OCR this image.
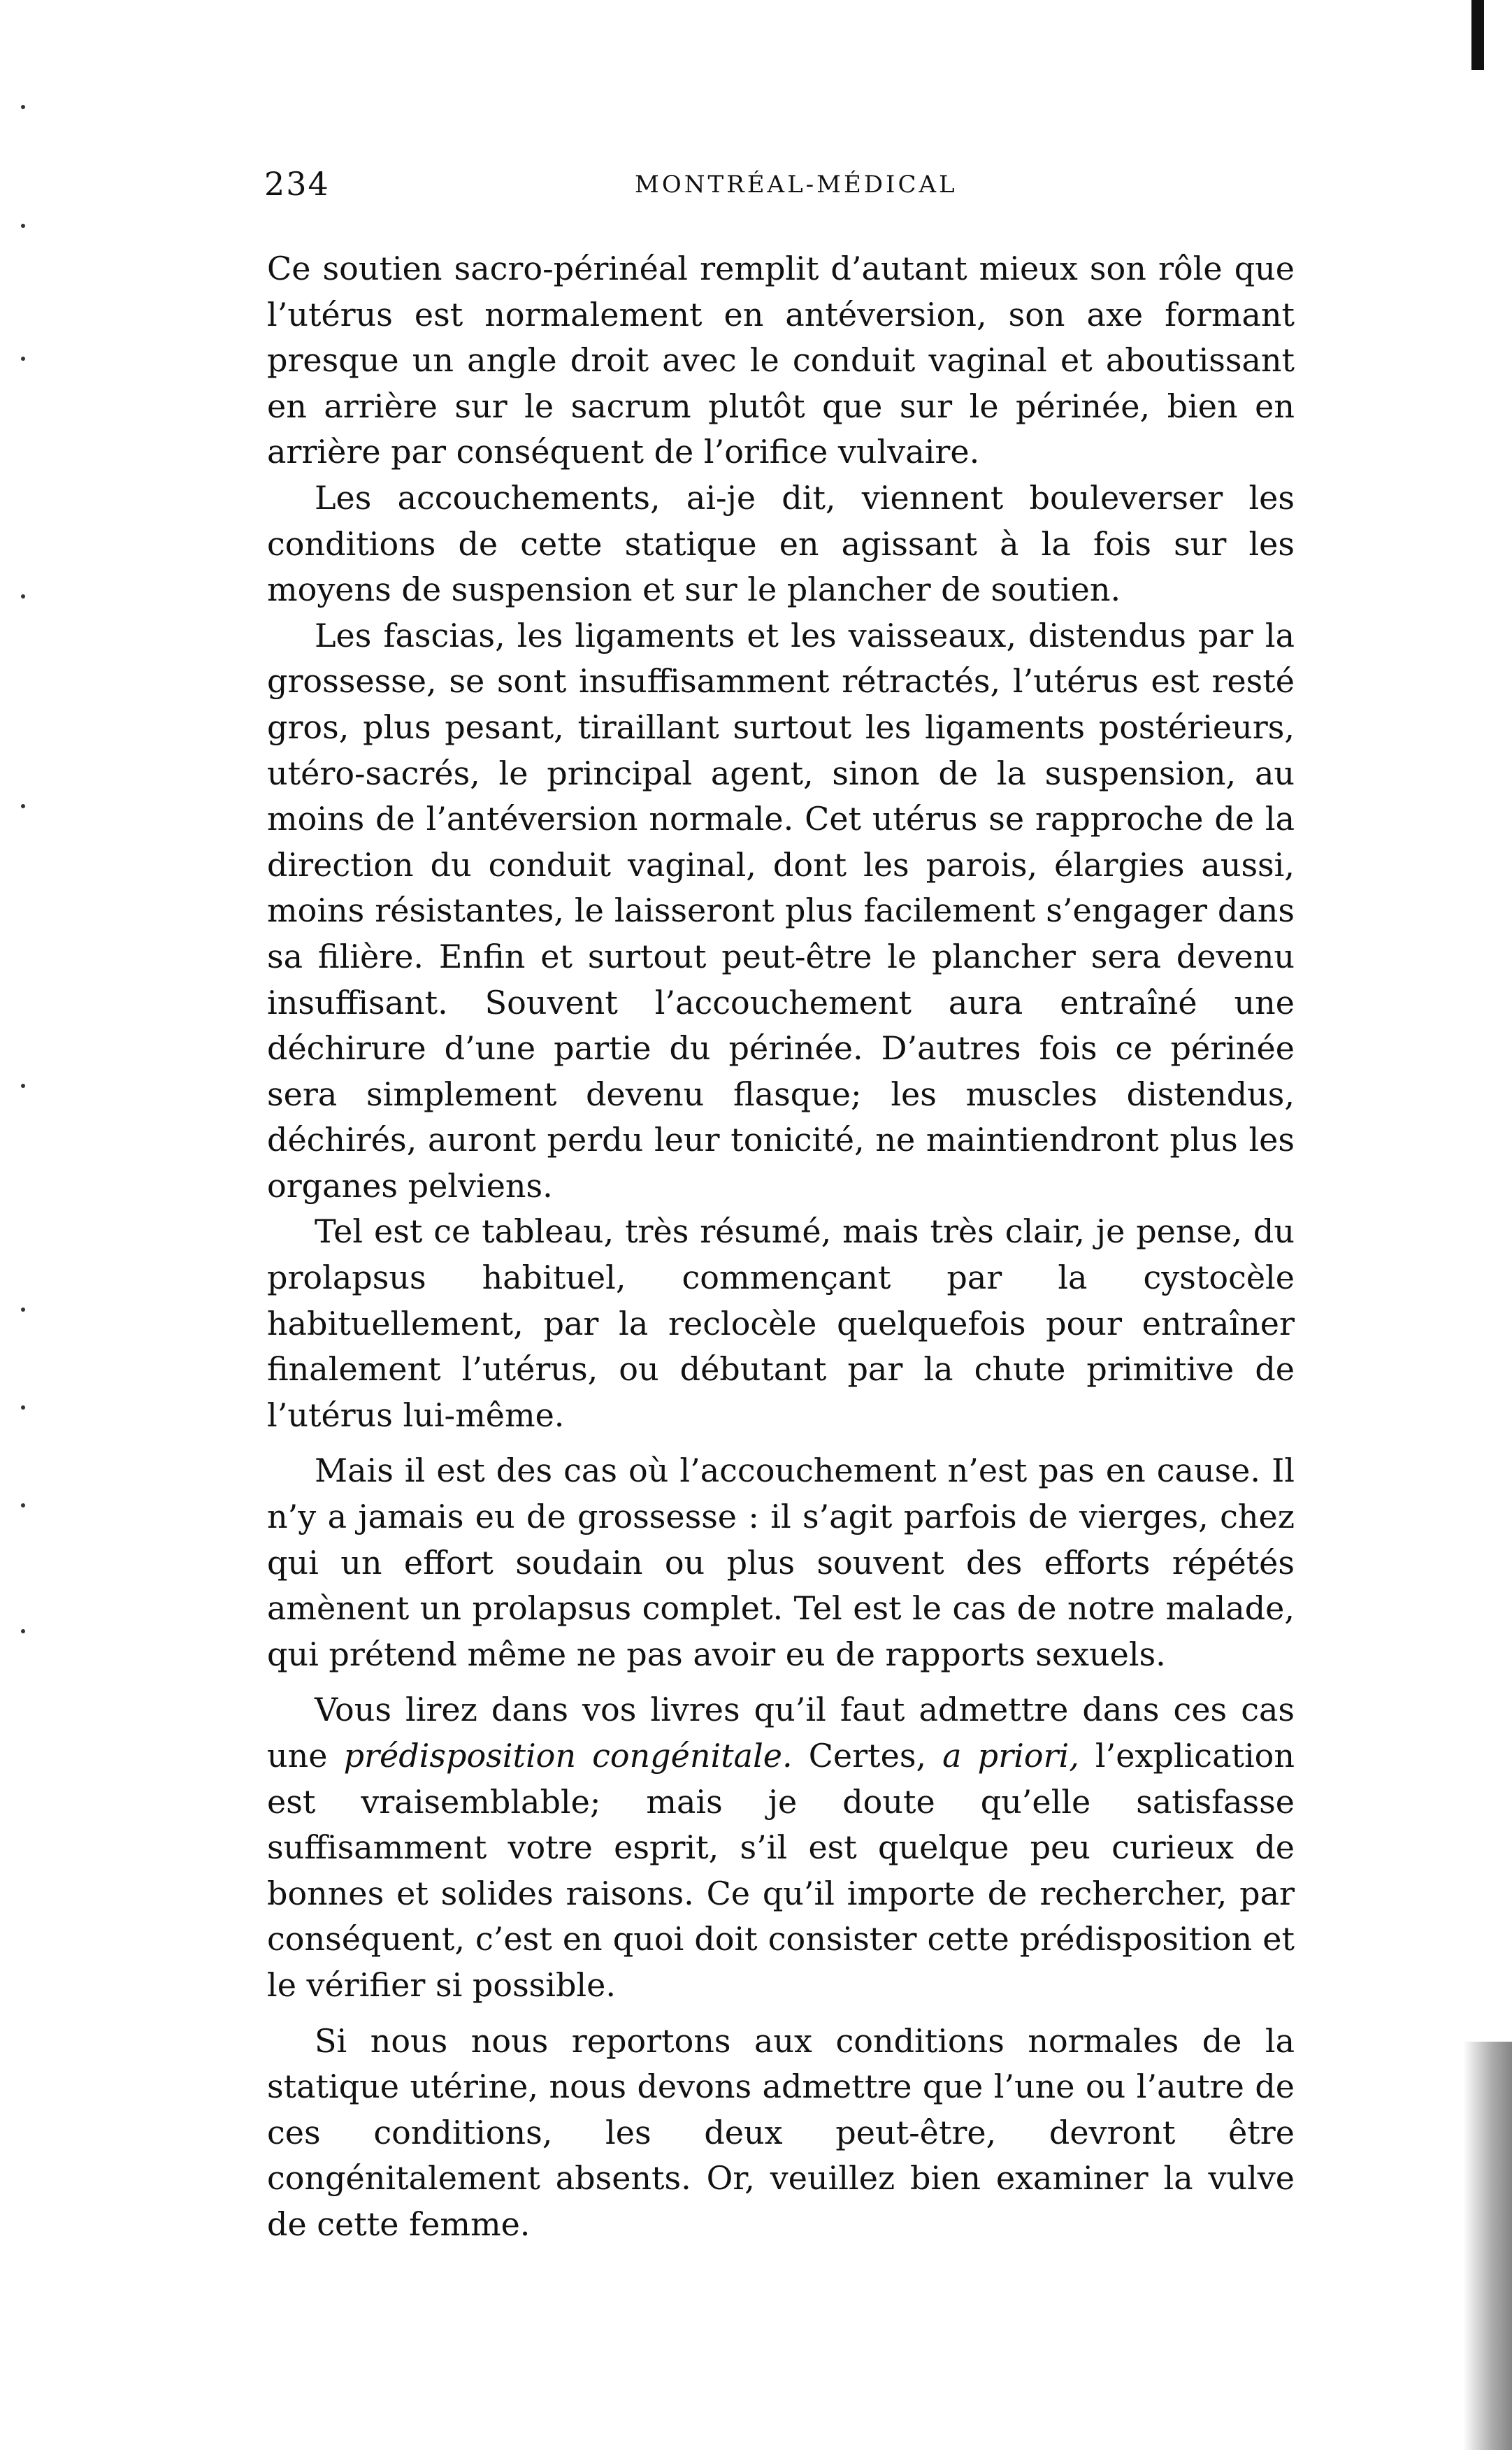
234	MONTRÉAL-MÉDICAL

Ce soutien sacro-périnéal remplit d’autant mieux son rôle que l’utérus est normalement en antéversion, son axe formant presque un angle droit avec le conduit vaginal et aboutissant en arrière sur le sacrum plutôt que sur le périnée, bien en arrière par conséquent de l’orifice vulvaire.

Les accouchements, ai-je dit, viennent bouleverser les conditions de cette statique en agissant à la fois sur les moyens de suspension et sur le plancher de soutien.

Les fascias, les ligaments et les vaisseaux, distendus par la grossesse, se sont insuffisamment rétractés, l’utérus est resté gros, plus pesant, tiraillant surtout les ligaments postérieurs, utéro-sacrés, le principal agent, sinon de la suspension, au moins de l’antéversion normale. Cet utérus se rapproche de la direction du conduit vaginal, dont les parois, élargies aussi, moins résistantes, le laisseront plus facilement s’engager dans sa filière. Enfin et surtout peut-être le plancher sera devenu insuffisant. Souvent l’accouchement aura entraîné une déchirure d’une partie du périnée. D’autres fois ce périnée sera simplement devenu flasque; les muscles distendus, déchirés, auront perdu leur tonicité, ne maintiendront plus les organes pelviens.

Tel est ce tableau, très résumé, mais très clair, je pense, du prolapsus habituel, commençant par la cystocèle habituellement, par la reclocèle quelquefois pour entraîner finalement l’utérus, ou débutant par la chute primitive de l’utérus lui-même.

Mais il est des cas où l’accouchement n’est pas en cause. Il n’y a jamais eu de grossesse : il s’agit parfois de vierges, chez qui un effort soudain ou plus souvent des efforts répétés amènent un prolapsus complet. Tel est le cas de notre malade, qui prétend même ne pas avoir eu de rapports sexuels.

Vous lirez dans vos livres qu’il faut admettre dans ces cas une prédisposition congénitale. Certes, a priori, l’explication est vraisemblable; mais je doute qu’elle satisfasse suffisamment votre esprit, s’il est quelque peu curieux de bonnes et solides raisons. Ce qu’il importe de rechercher, par conséquent, c’est en quoi doit consister cette prédisposition et le vérifier si possible.

Si nous nous reportons aux conditions normales de la statique utérine, nous devons admettre que l’une ou l’autre de ces conditions, les deux peut-être, devront être congénitalement absents. Or, veuillez bien examiner la vulve de cette femme.
